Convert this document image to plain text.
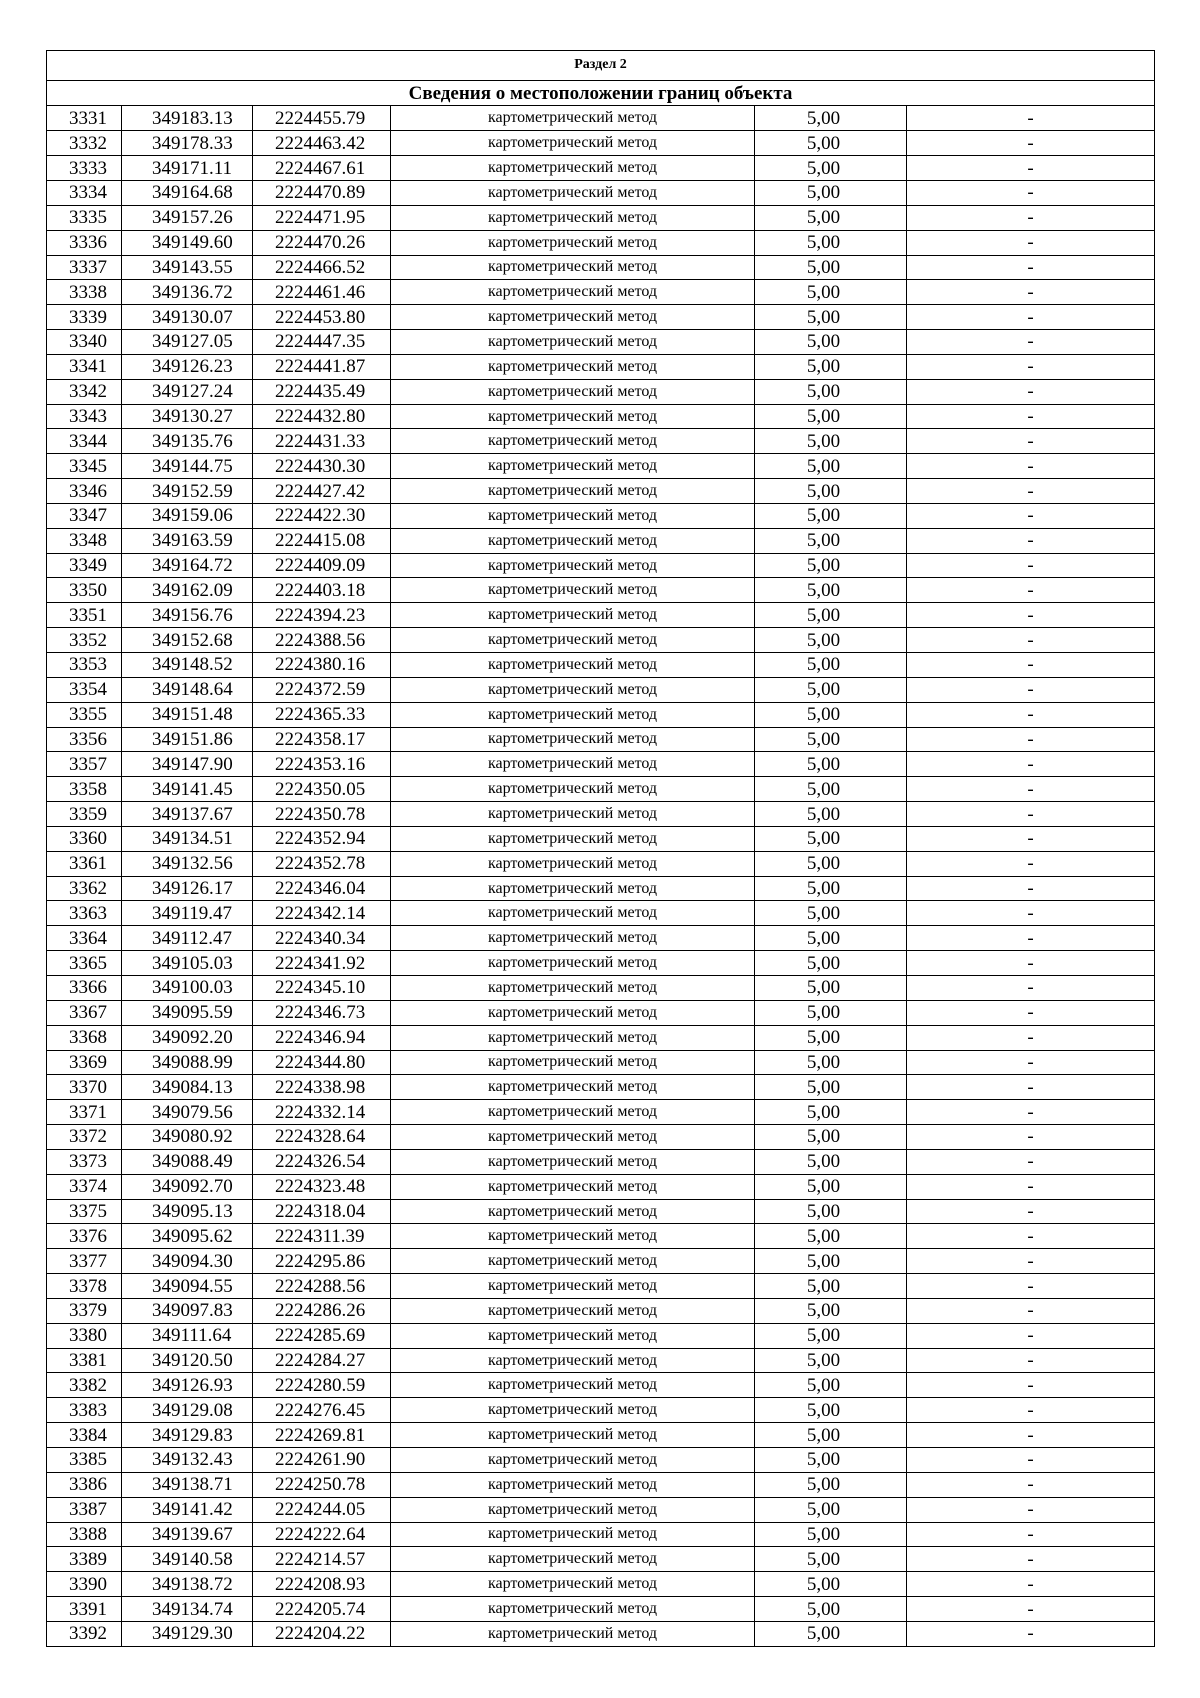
Раздел 2					
Сведения о местоположении границ объекта					
3331	349183.13	2224455.79	картометрический метод	5,00	-
3332	349178.33	2224463.42	картометрический метод	5,00	-
3333	349171.11	2224467.61	картометрический метод	5,00	-
3334	349164.68	2224470.89	картометрический метод	5,00	-
3335	349157.26	2224471.95	картометрический метод	5,00	-
3336	349149.60	2224470.26	картометрический метод	5,00	-
3337	349143.55	2224466.52	картометрический метод	5,00	-
3338	349136.72	2224461.46	картометрический метод	5,00	-
3339	349130.07	2224453.80	картометрический метод	5,00	-
3340	349127.05	2224447.35	картометрический метод	5,00	-
3341	349126.23	2224441.87	картометрический метод	5,00	-
3342	349127.24	2224435.49	картометрический метод	5,00	-
3343	349130.27	2224432.80	картометрический метод	5,00	-
3344	349135.76	2224431.33	картометрический метод	5,00	-
3345	349144.75	2224430.30	картометрический метод	5,00	-
3346	349152.59	2224427.42	картометрический метод	5,00	-
3347	349159.06	2224422.30	картометрический метод	5,00	-
3348	349163.59	2224415.08	картометрический метод	5,00	-
3349	349164.72	2224409.09	картометрический метод	5,00	-
3350	349162.09	2224403.18	картометрический метод	5,00	-
3351	349156.76	2224394.23	картометрический метод	5,00	-
3352	349152.68	2224388.56	картометрический метод	5,00	-
3353	349148.52	2224380.16	картометрический метод	5,00	-
3354	349148.64	2224372.59	картометрический метод	5,00	-
3355	349151.48	2224365.33	картометрический метод	5,00	-
3356	349151.86	2224358.17	картометрический метод	5,00	-
3357	349147.90	2224353.16	картометрический метод	5,00	-
3358	349141.45	2224350.05	картометрический метод	5,00	-
3359	349137.67	2224350.78	картометрический метод	5,00	-
3360	349134.51	2224352.94	картометрический метод	5,00	-
3361	349132.56	2224352.78	картометрический метод	5,00	-
3362	349126.17	2224346.04	картометрический метод	5,00	-
3363	349119.47	2224342.14	картометрический метод	5,00	-
3364	349112.47	2224340.34	картометрический метод	5,00	-
3365	349105.03	2224341.92	картометрический метод	5,00	-
3366	349100.03	2224345.10	картометрический метод	5,00	-
3367	349095.59	2224346.73	картометрический метод	5,00	-
3368	349092.20	2224346.94	картометрический метод	5,00	-
3369	349088.99	2224344.80	картометрический метод	5,00	-
3370	349084.13	2224338.98	картометрический метод	5,00	-
3371	349079.56	2224332.14	картометрический метод	5,00	-
3372	349080.92	2224328.64	картометрический метод	5,00	-
3373	349088.49	2224326.54	картометрический метод	5,00	-
3374	349092.70	2224323.48	картометрический метод	5,00	-
3375	349095.13	2224318.04	картометрический метод	5,00	-
3376	349095.62	2224311.39	картометрический метод	5,00	-
3377	349094.30	2224295.86	картометрический метод	5,00	-
3378	349094.55	2224288.56	картометрический метод	5,00	-
3379	349097.83	2224286.26	картометрический метод	5,00	-
3380	349111.64	2224285.69	картометрический метод	5,00	-
3381	349120.50	2224284.27	картометрический метод	5,00	-
3382	349126.93	2224280.59	картометрический метод	5,00	-
3383	349129.08	2224276.45	картометрический метод	5,00	-
3384	349129.83	2224269.81	картометрический метод	5,00	-
3385	349132.43	2224261.90	картометрический метод	5,00	-
3386	349138.71	2224250.78	картометрический метод	5,00	-
3387	349141.42	2224244.05	картометрический метод	5,00	-
3388	349139.67	2224222.64	картометрический метод	5,00	-
3389	349140.58	2224214.57	картометрический метод	5,00	-
3390	349138.72	2224208.93	картометрический метод	5,00	-
3391	349134.74	2224205.74	картометрический метод	5,00	-
3392	349129.30	2224204.22	картометрический метод	5,00	-
